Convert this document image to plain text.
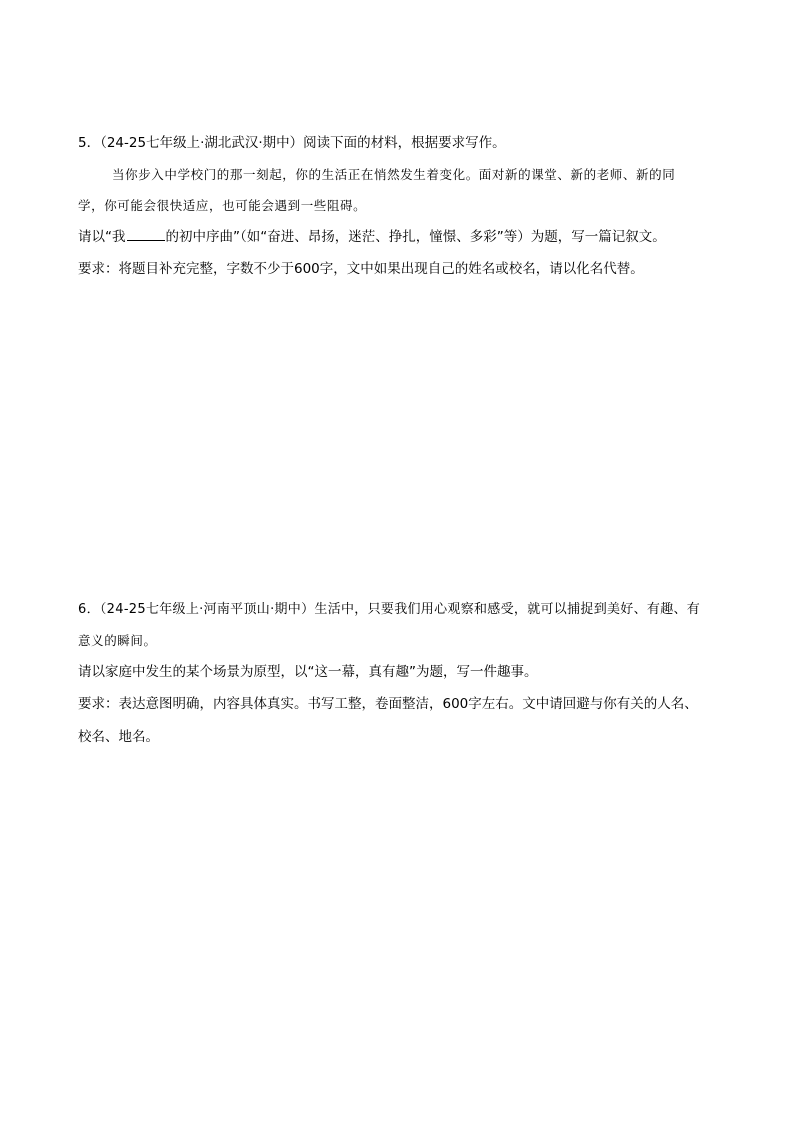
5．（24-25七年级上·湖北武汉·期中）阅读下面的材料，根据要求写作。
当你步入中学校门的那一刻起，你的生活正在悄然发生着变化。面对新的课堂、新的老师、新的同
学，你可能会很快适应，也可能会遇到一些阻碍。
请以“我	的初中序曲”（如“奋进、昂扬，迷茫、挣扎，憧憬、多彩”等）为题，写一篇记叙文。
要求：将题目补充完整，字数不少于600字，文中如果出现自己的姓名或校名，请以化名代替。
6．（24-25七年级上·河南平顶山·期中）生活中，只要我们用心观察和感受，就可以捕捉到美好、有趣、有
意义的瞬间。
请以家庭中发生的某个场景为原型，以“这一幕，真有趣”为题，写一件趣事。
要求：表达意图明确，内容具体真实。书写工整，卷面整洁，600字左右。文中请回避与你有关的人名、
校名、地名。
